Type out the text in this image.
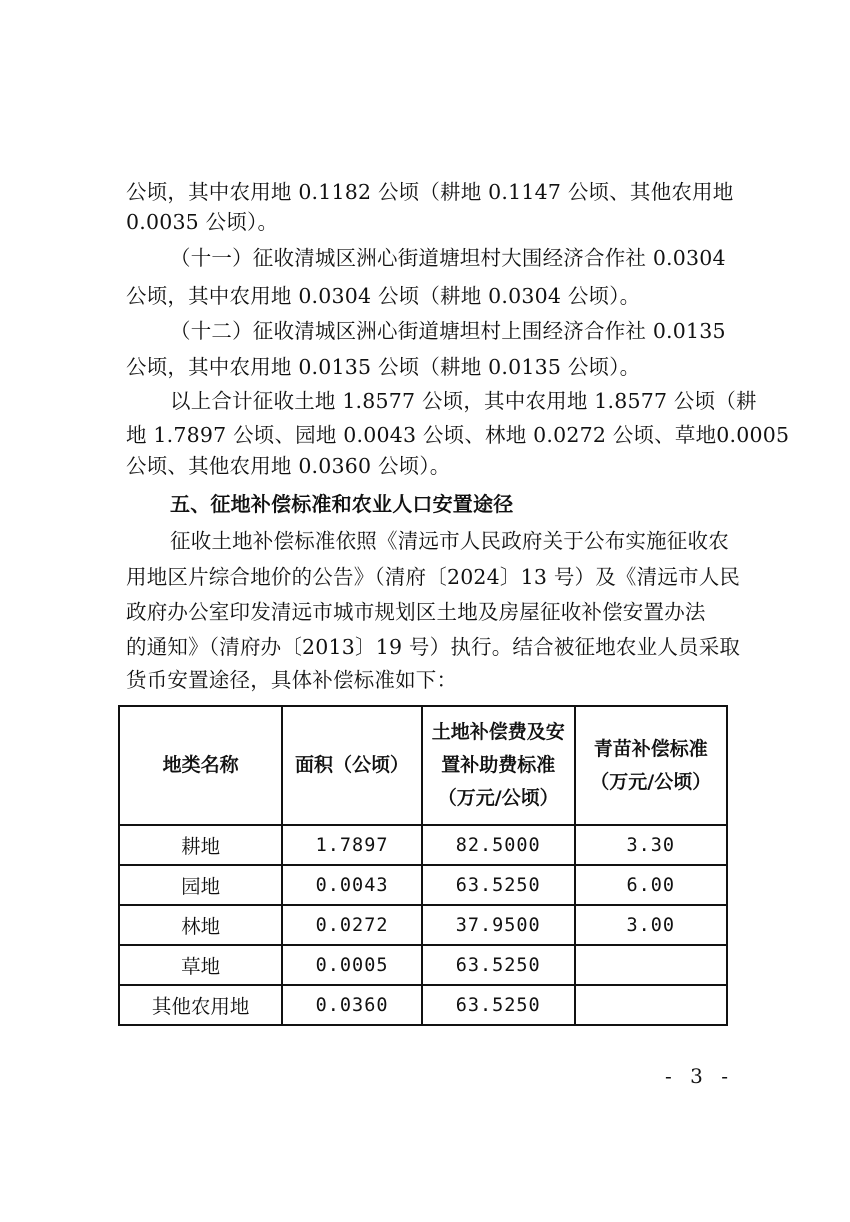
公顷，其中农用地 0.1182 公顷（耕地 0.1147 公顷、其他农用地
0.0035 公顷）。
（十一）征收清城区洲心街道塘坦村大围经济合作社 0.0304
公顷，其中农用地 0.0304 公顷（耕地 0.0304 公顷）。
（十二）征收清城区洲心街道塘坦村上围经济合作社 0.0135
公顷，其中农用地 0.0135 公顷（耕地 0.0135 公顷）。
以上合计征收土地 1.8577 公顷，其中农用地 1.8577 公顷（耕
地 1.7897 公顷、园地 0.0043 公顷、林地 0.0272 公顷、草地0.0005
公顷、其他农用地 0.0360 公顷）。
五、征地补偿标准和农业人口安置途径
征收土地补偿标准依照《清远市人民政府关于公布实施征收农
用地区片综合地价的公告》（清府〔2024〕13 号）及《清远市人民
政府办公室印发清远市城市规划区土地及房屋征收补偿安置办法
的通知》（清府办〔2013〕19 号）执行。结合被征地农业人员采取
货币安置途径，具体补偿标准如下：
地类名称	面积（公顷）	土地补偿费及安置补助费标准（万元/公顷）	青苗补偿标准（万元/公顷）
耕地	1.7897	82.5000	3.30
园地	0.0043	63.5250	6.00
林地	0.0272	37.9500	3.00
草地	0.0005	63.5250	
其他农用地	0.0360	63.5250	
- 3 -
